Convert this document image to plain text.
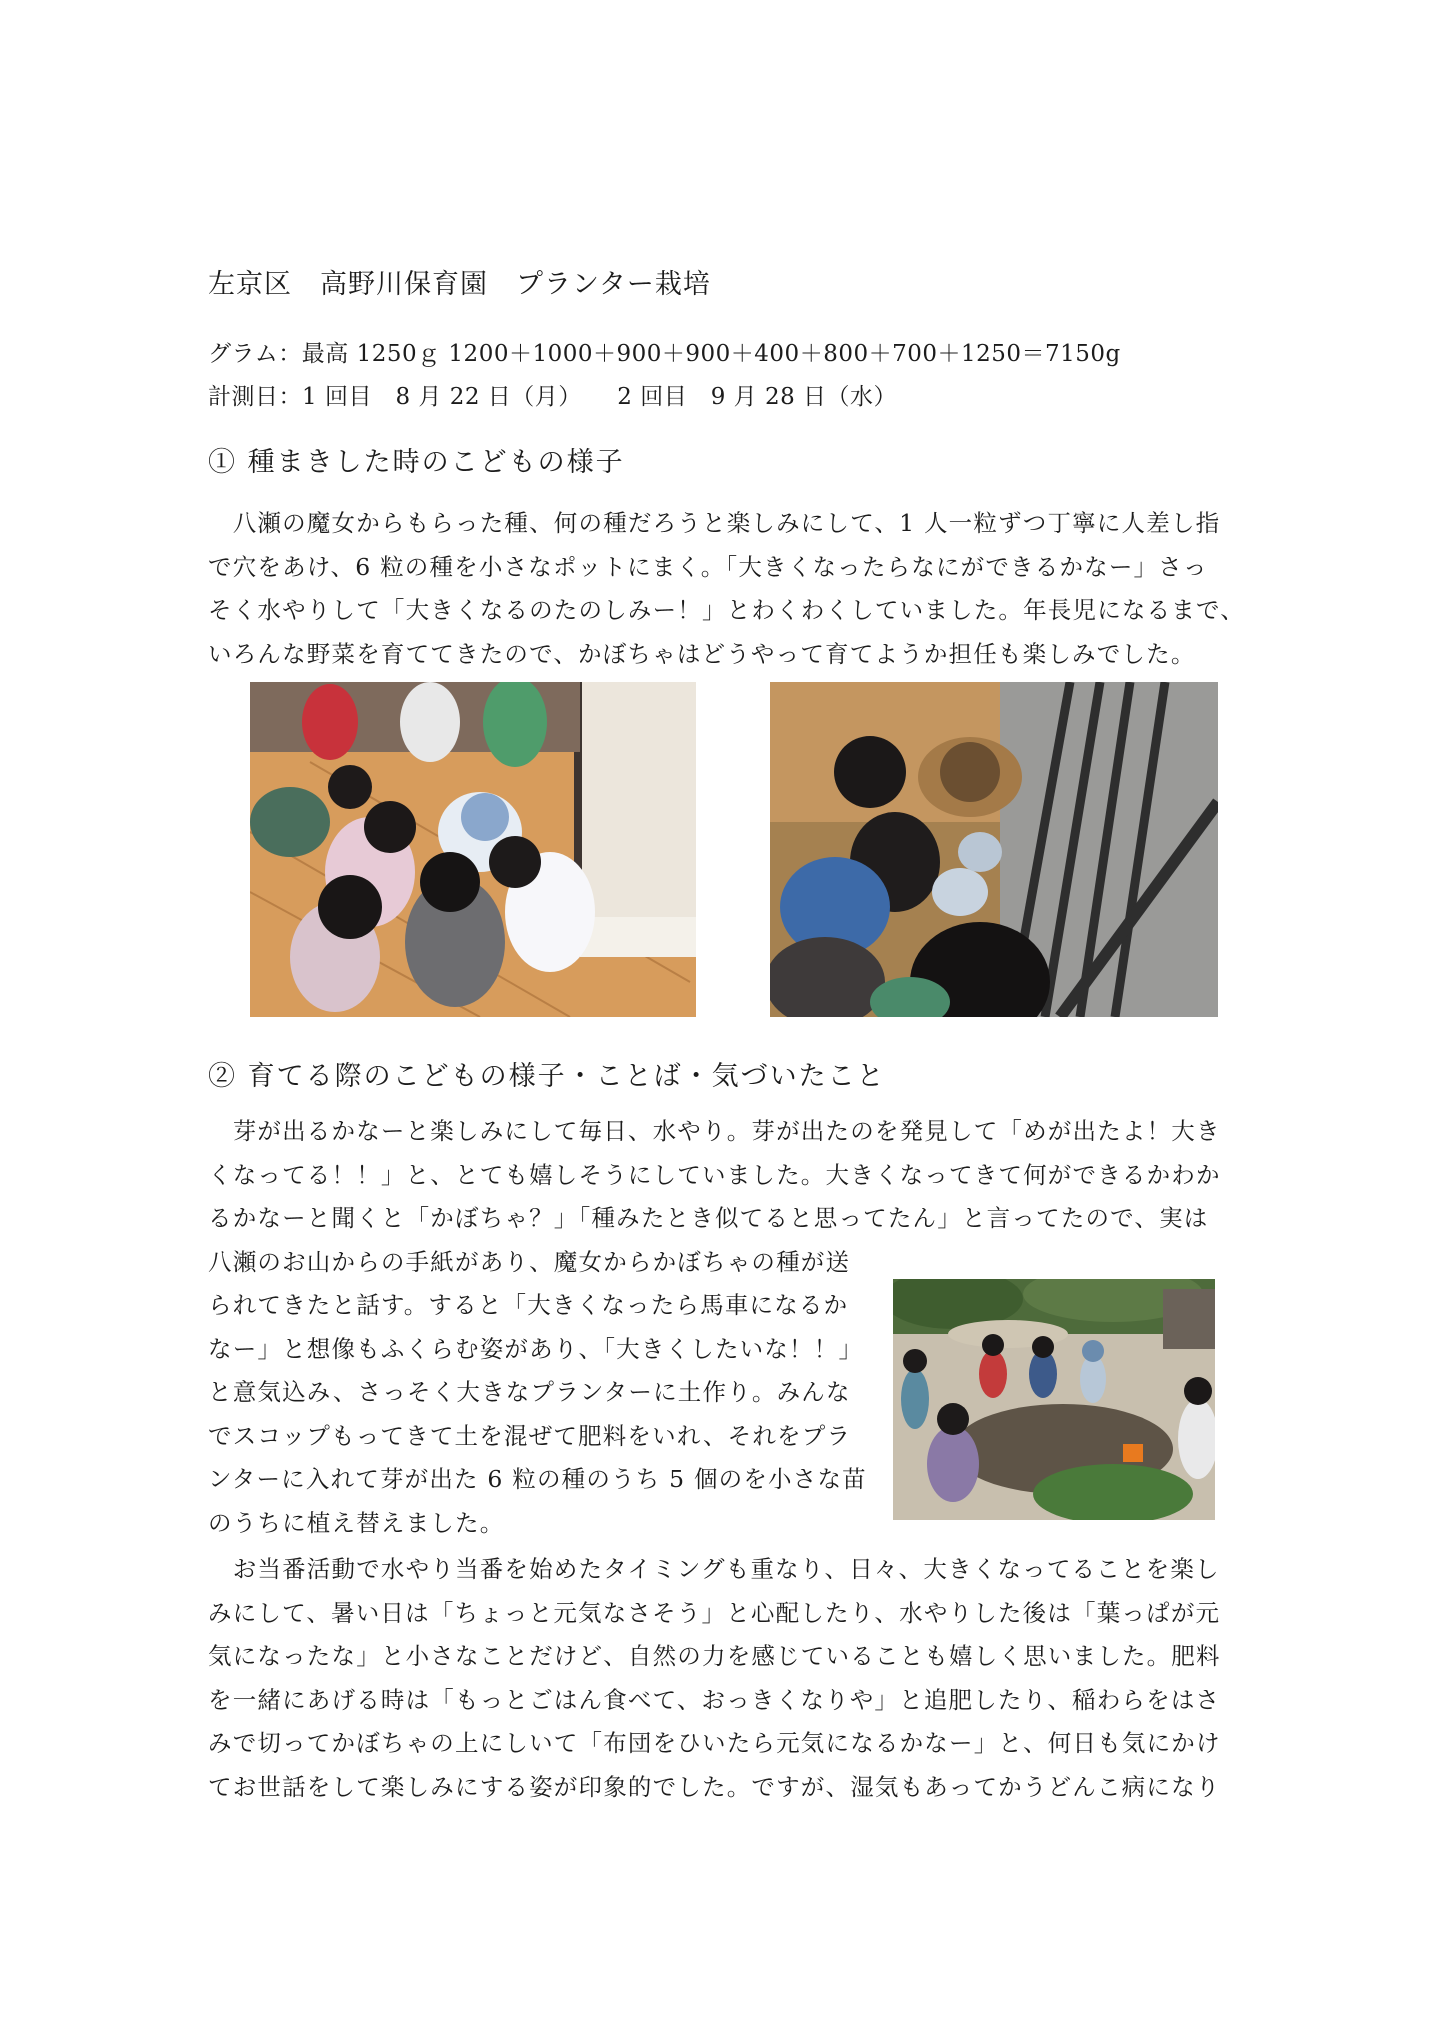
左京区　高野川保育園　プランター栽培
グラム：最高 1250ｇ 1200＋1000＋900＋900＋400＋800＋700＋1250＝7150g
計測日：1 回目　8 月 22 日（月）　　2 回目　9 月 28 日（水）
① 種まきした時のこどもの様子
　八瀬の魔女からもらった種、何の種だろうと楽しみにして、1 人一粒ずつ丁寧に人差し指
で穴をあけ、6 粒の種を小さなポットにまく。「大きくなったらなにができるかなー」さっ
そく水やりして「大きくなるのたのしみー！」とわくわくしていました。年長児になるまで、
いろんな野菜を育ててきたので、かぼちゃはどうやって育てようか担任も楽しみでした。
② 育てる際のこどもの様子・ことば・気づいたこと
　芽が出るかなーと楽しみにして毎日、水やり。芽が出たのを発見して「めが出たよ！大き
くなってる！！」と、とても嬉しそうにしていました。大きくなってきて何ができるかわか
るかなーと聞くと「かぼちゃ？」「種みたとき似てると思ってたん」と言ってたので、実は
八瀬のお山からの手紙があり、魔女からかぼちゃの種が送
られてきたと話す。すると「大きくなったら馬車になるか
なー」と想像もふくらむ姿があり、「大きくしたいな！！」
と意気込み、さっそく大きなプランターに土作り。みんな
でスコップもってきて土を混ぜて肥料をいれ、それをプラ
ンターに入れて芽が出た 6 粒の種のうち 5 個のを小さな苗
のうちに植え替えました。
　お当番活動で水やり当番を始めたタイミングも重なり、日々、大きくなってることを楽し
みにして、暑い日は「ちょっと元気なさそう」と心配したり、水やりした後は「葉っぱが元
気になったな」と小さなことだけど、自然の力を感じていることも嬉しく思いました。肥料
を一緒にあげる時は「もっとごはん食べて、おっきくなりや」と追肥したり、稲わらをはさ
みで切ってかぼちゃの上にしいて「布団をひいたら元気になるかなー」と、何日も気にかけ
てお世話をして楽しみにする姿が印象的でした。ですが、湿気もあってかうどんこ病になり
